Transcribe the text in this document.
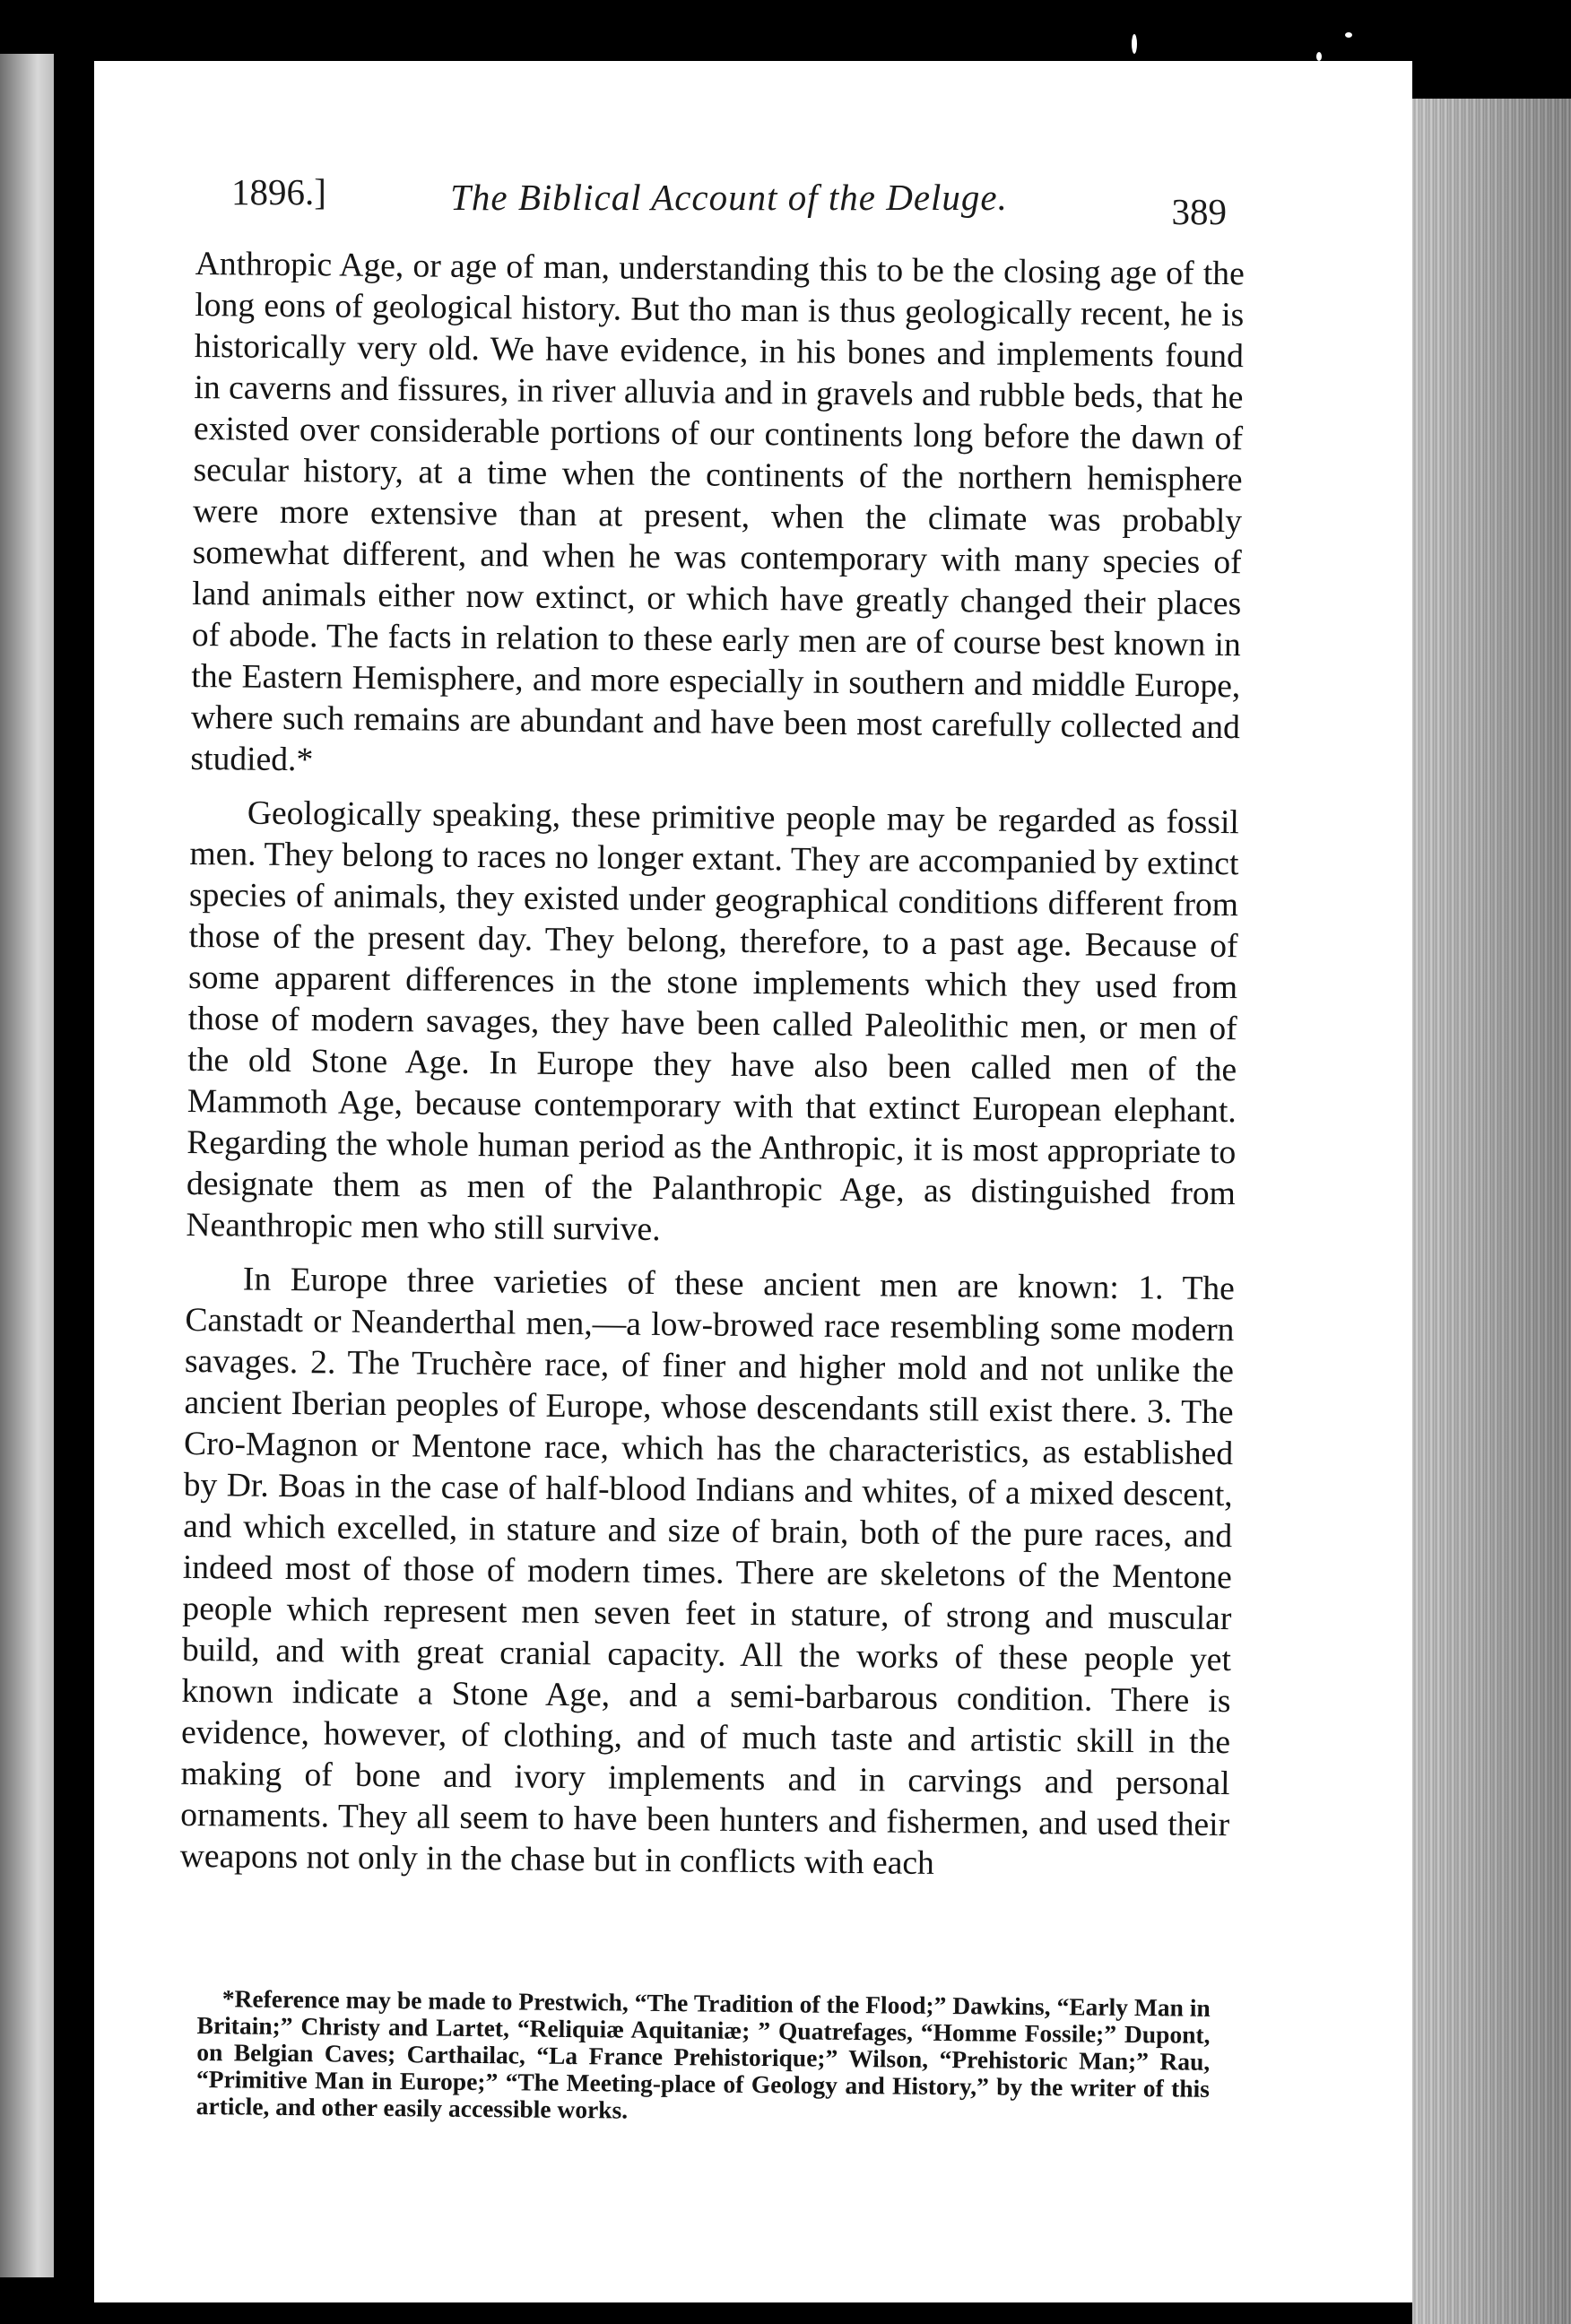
1896.]	The Biblical Account of the Deluge.	389

Anthropic Age, or age of man, understanding this to be the closing age of the long eons of geological history. But tho man is thus geologically recent, he is historically very old. We have evidence, in his bones and implements found in caverns and fissures, in river alluvia and in gravels and rubble beds, that he existed over considerable portions of our continents long before the dawn of secular history, at a time when the continents of the northern hemisphere were more extensive than at present, when the climate was probably somewhat different, and when he was contemporary with many species of land animals either now extinct, or which have greatly changed their places of abode. The facts in relation to these early men are of course best known in the Eastern Hemisphere, and more especially in southern and middle Europe, where such remains are abundant and have been most carefully collected and studied.*

Geologically speaking, these primitive people may be regarded as fossil men. They belong to races no longer extant. They are accompanied by extinct species of animals, they existed under geographical conditions different from those of the present day. They belong, therefore, to a past age. Because of some apparent differences in the stone implements which they used from those of modern savages, they have been called Paleolithic men, or men of the old Stone Age. In Europe they have also been called men of the Mammoth Age, because contemporary with that extinct European elephant. Regarding the whole human period as the Anthropic, it is most appropriate to designate them as men of the Palanthropic Age, as distinguished from Neanthropic men who still survive.

In Europe three varieties of these ancient men are known: 1. The Canstadt or Neanderthal men,—a low-browed race resembling some modern savages. 2. The Truchère race, of finer and higher mold and not unlike the ancient Iberian peoples of Europe, whose descendants still exist there. 3. The Cro-Magnon or Mentone race, which has the characteristics, as established by Dr. Boas in the case of half-blood Indians and whites, of a mixed descent, and which excelled, in stature and size of brain, both of the pure races, and indeed most of those of modern times. There are skeletons of the Mentone people which represent men seven feet in stature, of strong and muscular build, and with great cranial capacity. All the works of these people yet known indicate a Stone Age, and a semi-barbarous condition. There is evidence, however, of clothing, and of much taste and artistic skill in the making of bone and ivory implements and in carvings and personal ornaments. They all seem to have been hunters and fishermen, and used their weapons not only in the chase but in conflicts with each

*Reference may be made to Prestwich, “The Tradition of the Flood;” Dawkins, “Early Man in Britain;” Christy and Lartet, “Reliquiæ Aquitaniæ; ” Quatrefages, “Homme Fossile;” Dupont, on Belgian Caves; Carthailac, “La France Prehistorique;” Wilson, “Prehistoric Man;” Rau, “Primitive Man in Europe;” “The Meeting-place of Geology and History,” by the writer of this article, and other easily accessible works.
